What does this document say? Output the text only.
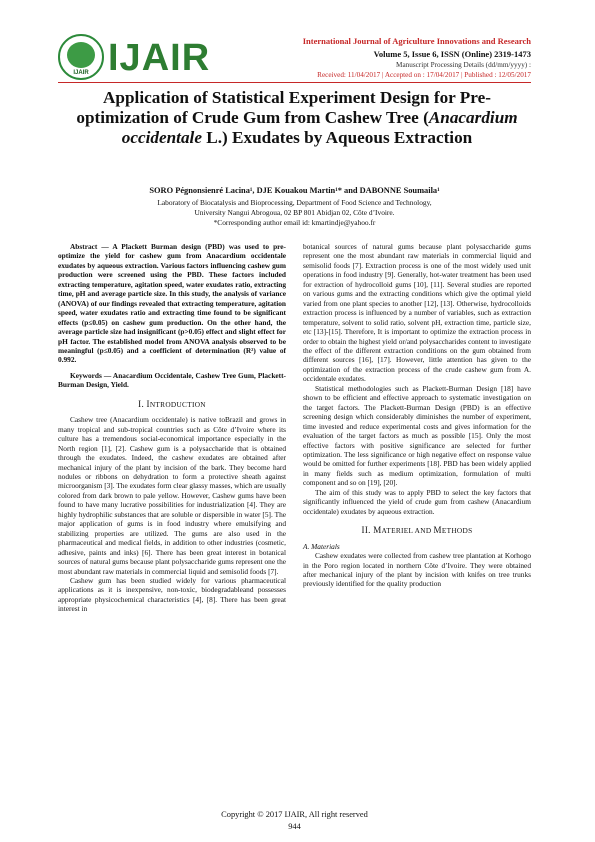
IJAIR IJAIR	International Journal of Agriculture Innovations and Research
Volume 5, Issue 6, ISSN (Online) 2319-1473
Manuscript Processing Details (dd/mm/yyyy) :
Received: 11/04/2017 | Accepted on : 17/04/2017 | Published : 12/05/2017
Application of Statistical Experiment Design for Pre-optimization of Crude Gum from Cashew Tree (Anacardium occidentale L.) Exudates by Aqueous Extraction
SORO Pégnonsienré Lacina¹, DJE Kouakou Martin¹* and DABONNE Soumaila¹
Laboratory of Biocatalysis and Bioprocessing, Department of Food Science and Technology,
University Nangui Abrogoua, 02 BP 801 Abidjan 02, Côte d’Ivoire.
*Corresponding author email id: kmartindje@yahoo.fr

Abstract — A Plackett Burman design (PBD) was used to pre-optimize the yield for cashew gum from Anacardium occidentale exudates by aqueous extraction. Various factors influencing cashew gum production were screened using the PBD. These factors included extracting temperature, agitation speed, water exudates ratio, extracting time, pH and average particle size. In this study, the analysis of variance (ANOVA) of our findings revealed that extracting temperature, agitation speed, water exudates ratio and extracting time found to be significant effects (p≤0.05) on cashew gum production. On the other hand, the average particle size had insignificant (p>0.05) effect and slight effect for pH factor. The established model from ANOVA analysis observed to be meaningful (p≤0.05) and a coefficient of determination (R²) value of 0.992.

Keywords — Anacardium Occidentale, Cashew Tree Gum, Plackett-Burman Design, Yield.

I. INTRODUCTION

Cashew tree (Anacardium occidentale) is native toBrazil and grows in many tropical and sub-tropical countries such as Côte d’Ivoire where its culture has a tremendous social-economical importance especially in the North region [1], [2]. Cashew gum is a polysaccharide that is obtained through the exudates. Indeed, the cashew exudates are obtained after mechanical injury of the plant by incision of the bark. They become hard nodules or ribbons on dehydration to form a protective sheath against microorganism [3]. The exudates form clear glassy masses, which are usually colored from dark brown to pale yellow. However, Cashew gums have been found to have many lucrative possibilities for industrialization [4]. They are highly hydrophilic substances that are soluble or dispersible in water [5]. The major application of gums is in food industry where emulsifying and stabilizing properties are utilized. The gums are also used in the pharmaceutical and medical fields, in addition to other industries (cosmetic, adhesive, paints and inks) [6]. There has been great interest in botanical sources of natural gums because plant polysaccharide gums represent one the most abundant raw materials in commercial liquid and semisolid foods [7].

Cashew gum has been studied widely for various pharmaceutical applications as it is inexpensive, non-toxic, biodegradableand possesses appropriate physicochemical characteristics [4], [8]. There has been great interest in

botanical sources of natural gums because plant polysaccharide gums represent one the most abundant raw materials in commercial liquid and semisolid foods [7]. Extraction process is one of the most widely used unit operations in food industry [9]. Generally, hot-water treatment has been used for extraction of hydrocolloid gums [10], [11]. Several studies are reported on various gums and the extracting conditions which give the optimal yield varied from one plant species to another [12], [13]. Otherwise, hydrocolloids extraction process is influenced by a number of variables, such as extraction temperature, solvent to solid ratio, solvent pH, extraction time, particle size, etc [13]-[15]. Therefore, It is important to optimize the extraction process in order to obtain the highest yield or/and polysaccharides content to investigate the effect of the different extraction conditions on the gum obtained from different sources [16], [17]. However, little attention has given to the optimization of the extraction process of the crude cashew gum from A. occidentale exudates.

Statistical methodologies such as Plackett-Burman Design [18] have shown to be efficient and effective approach to systematic investigation on the target factors. The Plackett-Burman Design (PBD) is an effective screening design which considerably diminishes the number of experiment, time invested and reduce experimental costs and gives information for the evaluation of the target factors as much as possible [15]. Only the most effective factors with positive significance are selected for further optimization. The less significance or high negative effect on response value would be omitted for further experiments [18]. PBD has been widely applied in many fields such as medium optimization, formulation of multi component and so on [19], [20].

The aim of this study was to apply PBD to select the key factors that significantly influenced the yield of crude gum from cashew (Anacardium occidentale) exudates by aqueous extraction.

II. MATERIEL AND METHODS

A. Materials

Cashew exudates were collected from cashew tree plantation at Korhogo in the Poro region located in northern Côte d’Ivoire. They were obtained after mechanical injury of the plant by incision with knifes on tree trunks previously identified for the quality production

Copyright © 2017 IJAIR, All right reserved
944
